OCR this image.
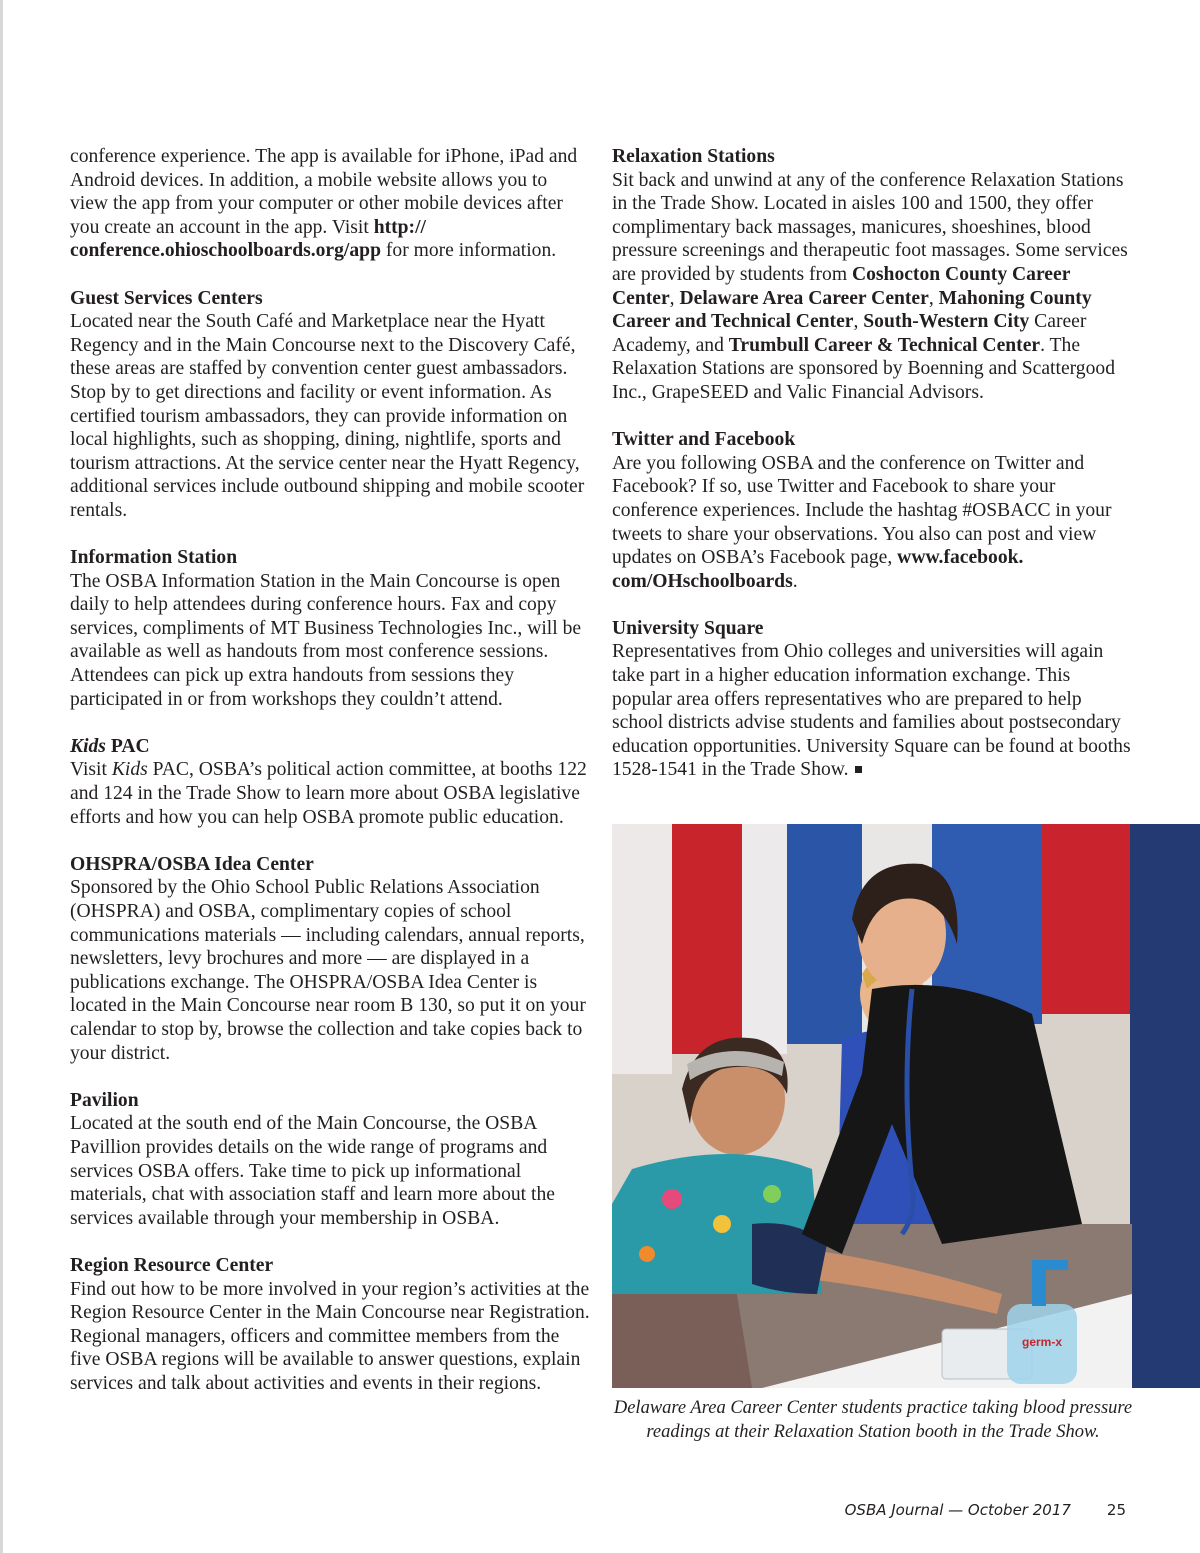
conference experience. The app is available for iPhone, iPad and Android devices. In addition, a mobile website allows you to view the app from your computer or other mobile devices after you create an account in the app. Visit http:// conference.ohioschoolboards.org/app for more information.

Guest Services Centers

Located near the South Café and Marketplace near the Hyatt Regency and in the Main Concourse next to the Discovery Café, these areas are staffed by convention center guest ambassadors. Stop by to get directions and facility or event information. As certified tourism ambassadors, they can provide information on local highlights, such as shopping, dining, nightlife, sports and tourism attractions. At the service center near the Hyatt Regency, additional services include outbound shipping and mobile scooter rentals.

Information Station

The OSBA Information Station in the Main Concourse is open daily to help attendees during conference hours. Fax and copy services, compliments of MT Business Technologies Inc., will be available as well as handouts from most conference sessions. Attendees can pick up extra handouts from sessions they participated in or from workshops they couldn’t attend.

Kids PAC

Visit Kids PAC, OSBA’s political action committee, at booths 122 and 124 in the Trade Show to learn more about OSBA legislative efforts and how you can help OSBA promote public education.

OHSPRA/OSBA Idea Center

Sponsored by the Ohio School Public Relations Association (OHSPRA) and OSBA, complimentary copies of school communications materials — including calendars, annual reports, newsletters, levy brochures and more — are displayed in a publications exchange. The OHSPRA/OSBA Idea Center is located in the Main Concourse near room B 130, so put it on your calendar to stop by, browse the collection and take copies back to your district.

Pavilion

Located at the south end of the Main Concourse, the OSBA Pavillion provides details on the wide range of programs and services OSBA offers. Take time to pick up informational materials, chat with association staff and learn more about the services available through your membership in OSBA.

Region Resource Center

Find out how to be more involved in your region’s activities at the Region Resource Center in the Main Concourse near Registration. Regional managers, officers and committee members from the five OSBA regions will be available to answer questions, explain services and talk about activities and events in their regions.

Relaxation Stations

Sit back and unwind at any of the conference Relaxation Stations in the Trade Show. Located in aisles 100 and 1500, they offer complimentary back massages, manicures, shoeshines, blood pressure screenings and therapeutic foot massages. Some services are provided by students from Coshocton County Career Center, Delaware Area Career Center, Mahoning County Career and Technical Center, South-Western City Career Academy, and Trumbull Career & Technical Center. The Relaxation Stations are sponsored by Boenning and Scattergood Inc., GrapeSEED and Valic Financial Advisors.

Twitter and Facebook

Are you following OSBA and the conference on Twitter and Facebook? If so, use Twitter and Facebook to share your conference experiences. Include the hashtag #OSBACC in your tweets to share your observations. You also can post and view updates on OSBA’s Facebook page, www.facebook. com/OHschoolboards.

University Square

Representatives from Ohio colleges and universities will again take part in a higher education information exchange. This popular area offers representatives who are prepared to help school districts advise students and families about postsecondary education opportunities. University Square can be found at booths 1528-1541 in the Trade Show.

germ-x
Delaware Area Career Center students practice taking blood pressure readings at their Relaxation Station booth in the Trade Show.
OSBA Journal — October 2017 25
